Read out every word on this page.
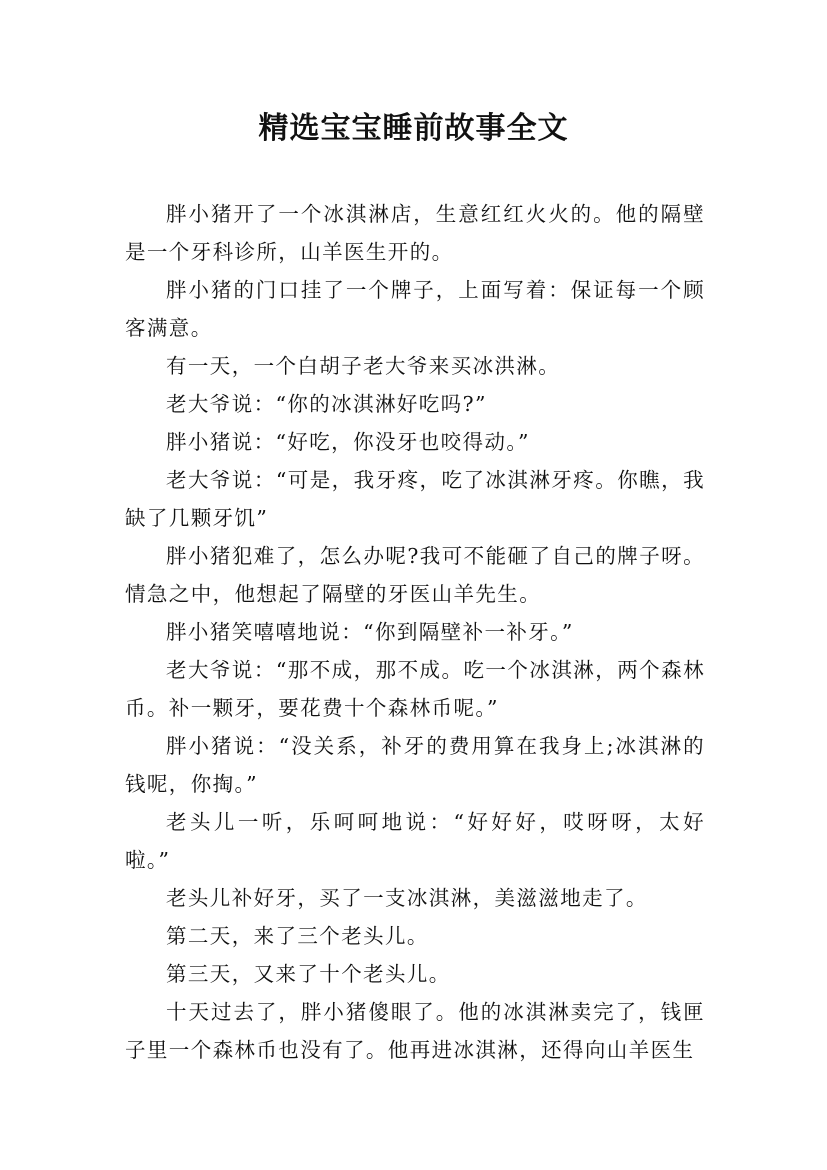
精选宝宝睡前故事全文

胖小猪开了一个冰淇淋店，生意红红火火的。他的隔壁是一个牙科诊所，山羊医生开的。

胖小猪的门口挂了一个牌子，上面写着：保证每一个顾客满意。

有一天，一个白胡子老大爷来买冰洪淋。

老大爷说：“你的冰淇淋好吃吗?”

胖小猪说：“好吃，你没牙也咬得动。”

老大爷说：“可是，我牙疼，吃了冰淇淋牙疼。你瞧，我缺了几颗牙饥”

胖小猪犯难了，怎么办呢?我可不能砸了自己的牌子呀。情急之中，他想起了隔壁的牙医山羊先生。

胖小猪笑嘻嘻地说：“你到隔壁补一补牙。”

老大爷说：“那不成，那不成。吃一个冰淇淋，两个森林币。补一颗牙，要花费十个森林币呢。”

胖小猪说：“没关系，补牙的费用算在我身上;冰淇淋的钱呢，你掏。”

老头儿一听，乐呵呵地说：“好好好，哎呀呀，太好啦。”

老头儿补好牙，买了一支冰淇淋，美滋滋地走了。

第二天，来了三个老头儿。

第三天，又来了十个老头儿。

十天过去了，胖小猪傻眼了。他的冰淇淋卖完了，钱匣子里一个森林币也没有了。他再进冰淇淋，还得向山羊医生
